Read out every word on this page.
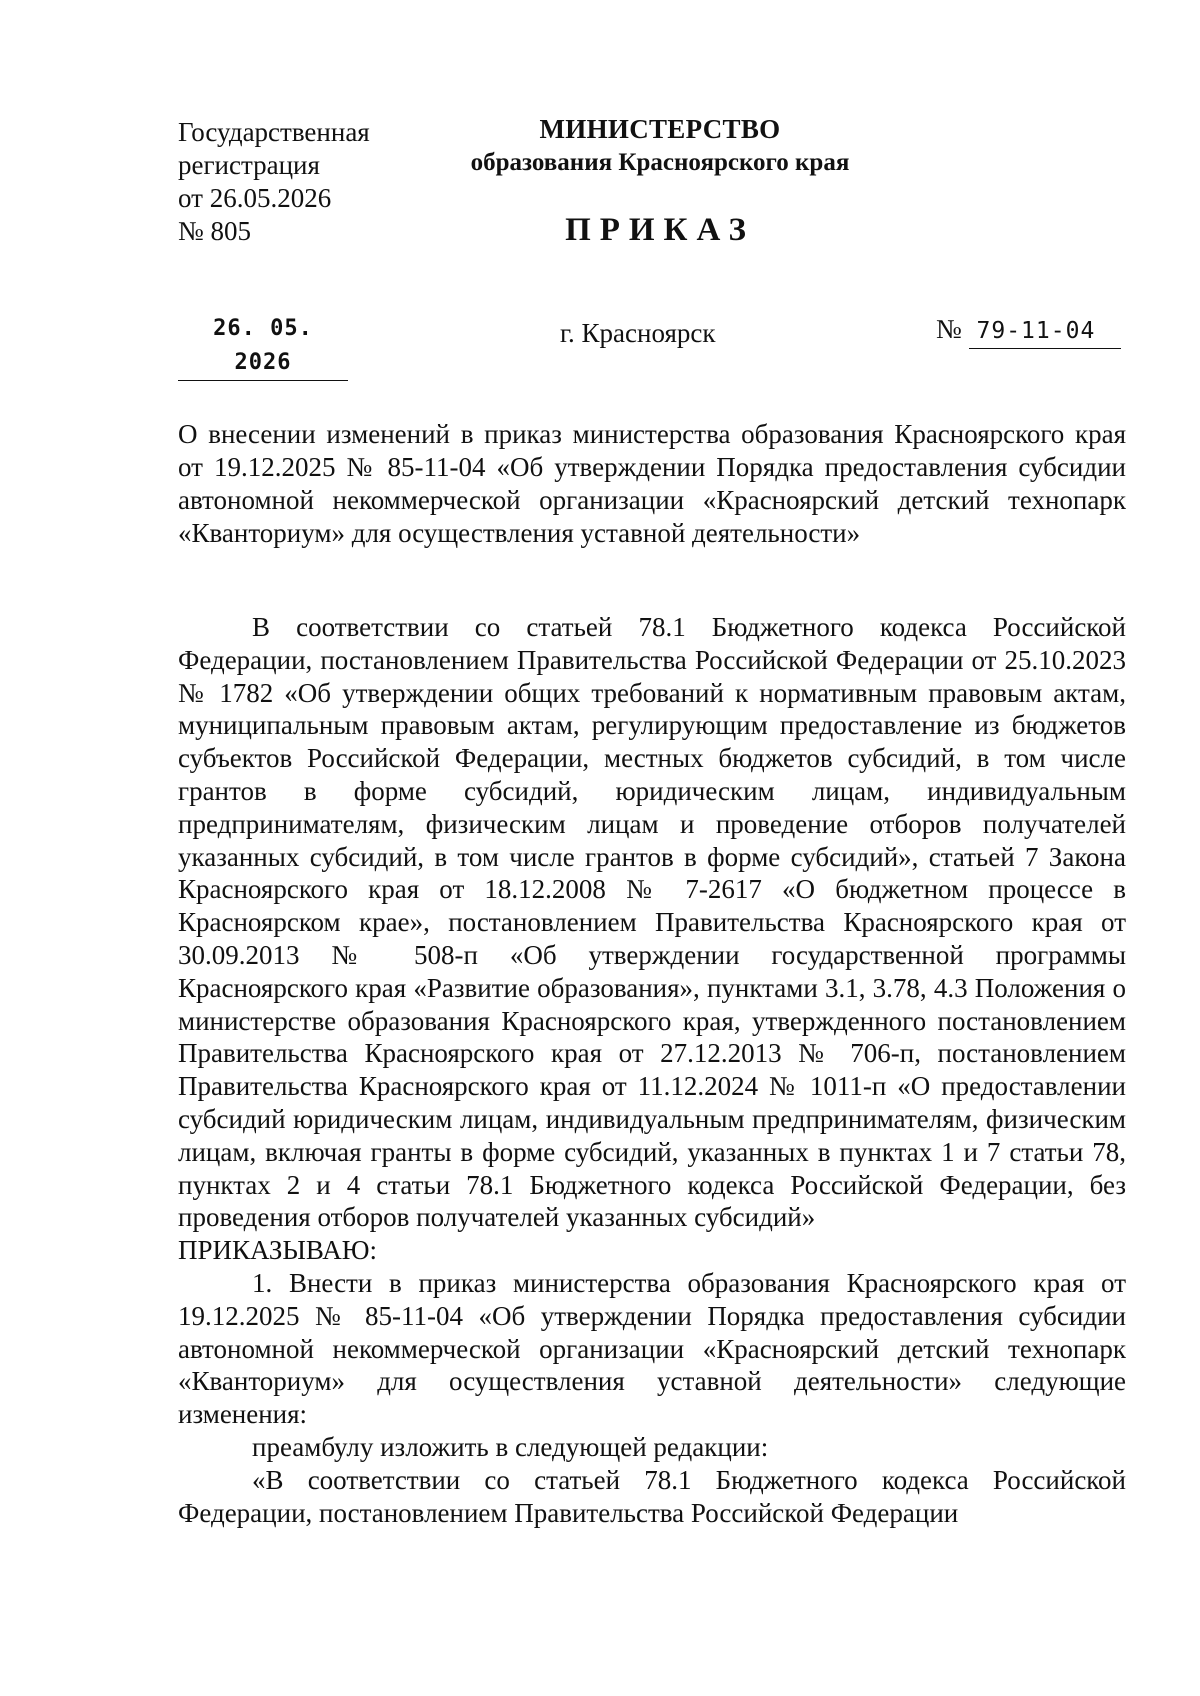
Государственная
регистрация
от 26.05.2026
№ 805
МИНИСТЕРСТВО
образования Красноярского края
ПРИКАЗ
26. 05. 2026
г. Красноярск	№ 79-11-04
О внесении изменений в приказ министерства образования Красноярского края от 19.12.2025 № 85-11-04 «Об утверждении Порядка предоставления субсидии автономной некоммерческой организации «Красноярский детский технопарк «Кванториум» для осуществления уставной деятельности»

В соответствии со статьей 78.1 Бюджетного кодекса Российской Федерации, постановлением Правительства Российской Федерации от 25.10.2023 № 1782 «Об утверждении общих требований к нормативным правовым актам, муниципальным правовым актам, регулирующим предоставление из бюджетов субъектов Российской Федерации, местных бюджетов субсидий, в том числе грантов в форме субсидий, юридическим лицам, индивидуальным предпринимателям, физическим лицам и проведение отборов получателей указанных субсидий, в том числе грантов в форме субсидий», статьей 7 Закона Красноярского края от 18.12.2008 № 7-2617 «О бюджетном процессе в Красноярском крае», постановлением Правительства Красноярского края от 30.09.2013 № 508-п «Об утверждении государственной программы Красноярского края «Развитие образования», пунктами 3.1, 3.78, 4.3 Положения о министерстве образования Красноярского края, утвержденного постановлением Правительства Красноярского края от 27.12.2013 № 706-п, постановлением Правительства Красноярского края от 11.12.2024 № 1011-п «О предоставлении субсидий юридическим лицам, индивидуальным предпринимателям, физическим лицам, включая гранты в форме субсидий, указанных в пунктах 1 и 7 статьи 78, пунктах 2 и 4 статьи 78.1 Бюджетного кодекса Российской Федерации, без проведения отборов получателей указанных субсидий»

ПРИКАЗЫВАЮ:

1. Внести в приказ министерства образования Красноярского края от 19.12.2025 № 85-11-04 «Об утверждении Порядка предоставления субсидии автономной некоммерческой организации «Красноярский детский технопарк «Кванториум» для осуществления уставной деятельности» следующие изменения:

преамбулу изложить в следующей редакции:

«В соответствии со статьей 78.1 Бюджетного кодекса Российской Федерации, постановлением Правительства Российской Федерации
